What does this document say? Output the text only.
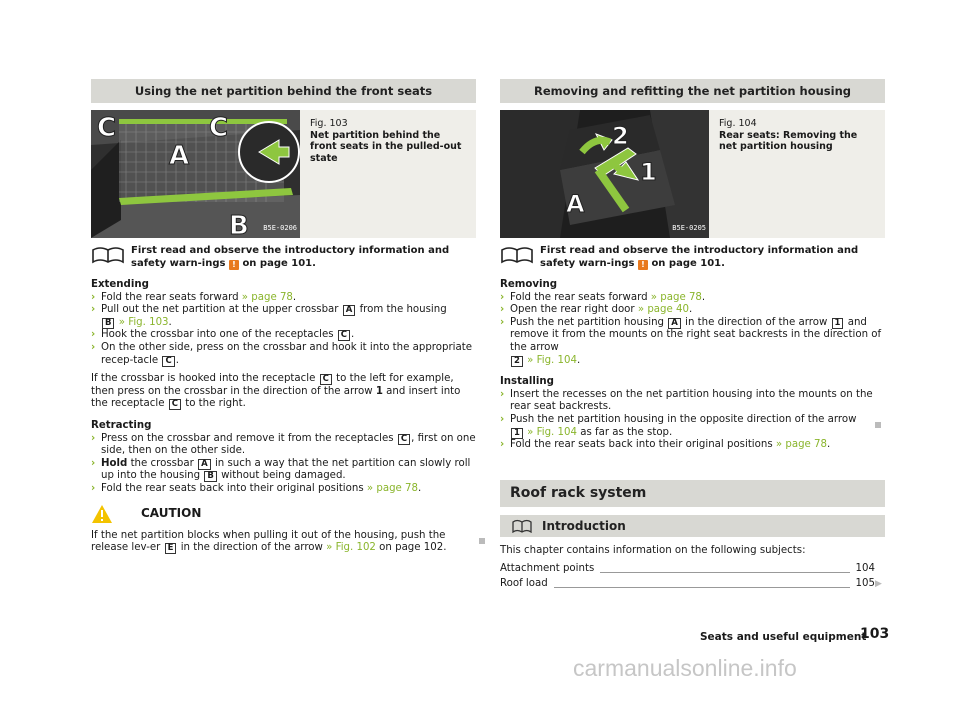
Using the net partition behind the front seats
C	C
A
B B5E-0206
Fig. 103
Net partition behind the front seats in the pulled-out state
First read and observe the introductory information and safety warn-ings ! on page 101.
Extending
› Fold the rear seats forward » page 78.
› Pull out the net partition at the upper crossbar A from the housing
B » Fig. 103.
› Hook the crossbar into one of the receptacles C .
› On the other side, press on the crossbar and hook it into the appropriate recep-tacle C .

If the crossbar is hooked into the receptacle C to the left for example, then press on the crossbar in the direction of the arrow 1 and insert into the receptacle C to the right.

Retracting
› Press on the crossbar and remove it from the receptacles C , first on one side, then on the other side.
› Hold the crossbar A in such a way that the net partition can slowly roll up into the housing B without being damaged.
› Fold the rear seats back into their original positions » page 78.
CAUTION

If the net partition blocks when pulling it out of the housing, push the release lev-er E in the direction of the arrow » Fig. 102 on page 102.

Removing and refitting the net partition housing
2
1
A
B5E-0205
Fig. 104
Rear seats: Removing the net partition housing
First read and observe the introductory information and safety warn-ings ! on page 101.
Removing
› Fold the rear seats forward » page 78.
› Open the rear right door » page 40.
› Push the net partition housing A in the direction of the arrow 1 and remove it from the mounts on the right seat backrests in the direction of the arrow
2 » Fig. 104.
Installing
› Insert the recesses on the net partition housing into the mounts on the rear seat backrests.
› Push the net partition housing in the opposite direction of the arrow
1 » Fig. 104 as far as the stop.
› Fold the rear seats back into their original positions » page 78.
Roof rack system
Introduction

This chapter contains information on the following subjects:

Attachment points	104
Roof load	105 ▶
Seats and useful equipment
103
carmanualsonline.info
